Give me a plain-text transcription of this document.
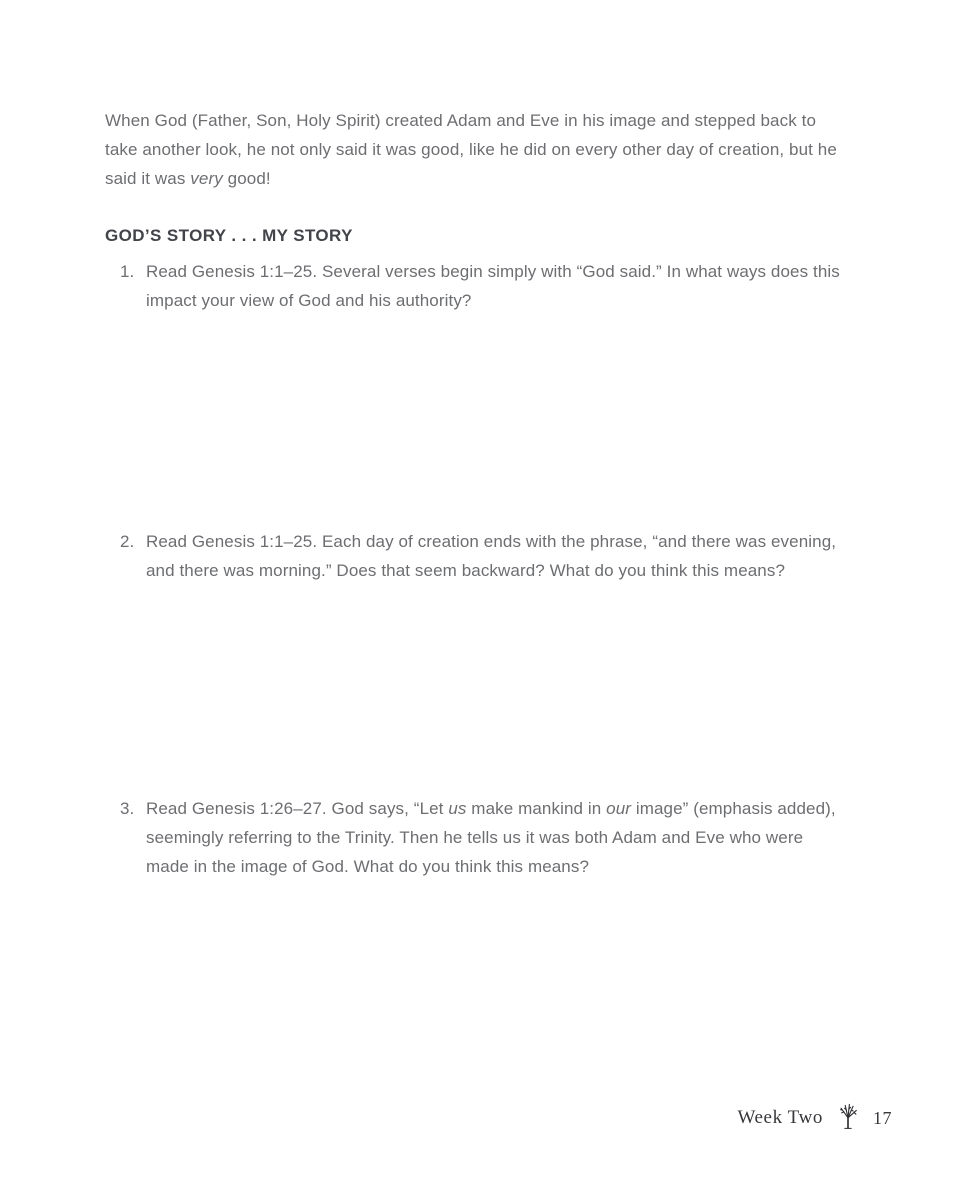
When God (Father, Son, Holy Spirit) created Adam and Eve in his image and stepped back to take another look, he not only said it was good, like he did on every other day of creation, but he said it was very good!

GOD’S STORY . . . MY STORY
1. Read Genesis 1:1–25. Several verses begin simply with “God said.” In what ways does this impact your view of God and his authority?
2. Read Genesis 1:1–25. Each day of creation ends with the phrase, “and there was evening, and there was morning.” Does that seem backward? What do you think this means?
3. Read Genesis 1:26–27. God says, “Let us make mankind in our image” (emphasis added), seemingly referring to the Trinity. Then he tells us it was both Adam and Eve who were made in the image of God. What do you think this means?
Week Two	17
